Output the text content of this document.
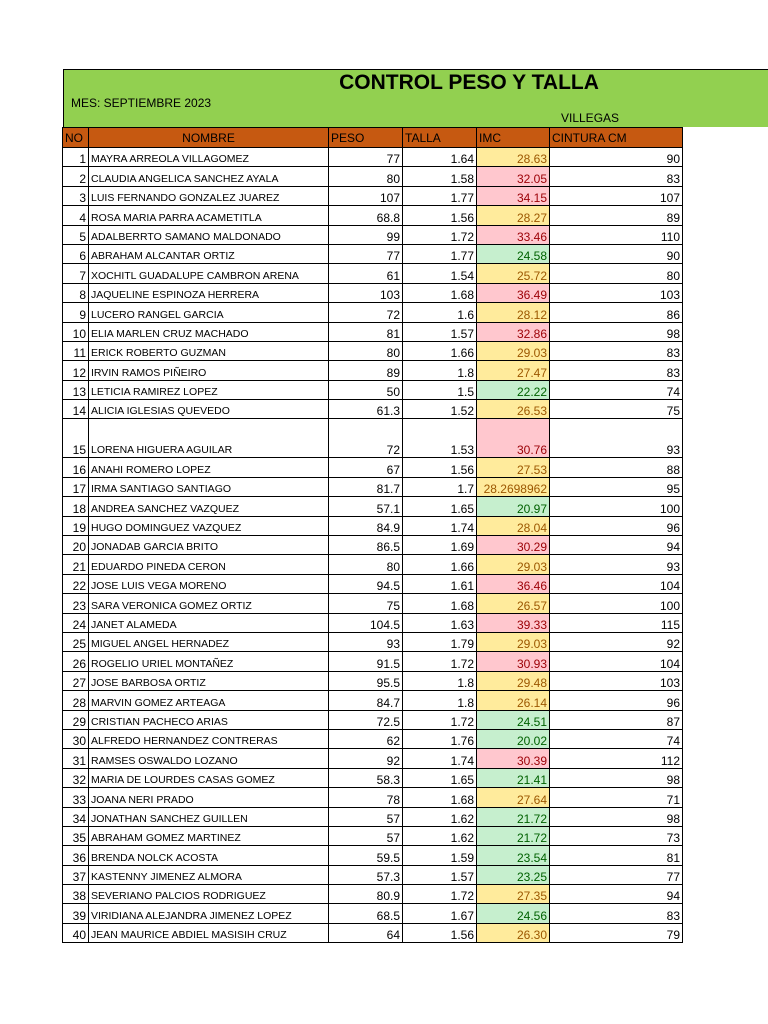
CONTROL PESO Y TALLA
MES: SEPTIEMBRE 2023
VILLEGAS
NO	NOMBRE	PESO	TALLA	IMC	CINTURA CM
1	MAYRA ARREOLA VILLAGOMEZ	77	1.64	28.63	90
2	CLAUDIA ANGELICA SANCHEZ AYALA	80	1.58	32.05	83
3	LUIS FERNANDO GONZALEZ JUAREZ	107	1.77	34.15	107
4	ROSA MARIA PARRA ACAMETITLA	68.8	1.56	28.27	89
5	ADALBERRTO SAMANO MALDONADO	99	1.72	33.46	110
6	ABRAHAM ALCANTAR ORTIZ	77	1.77	24.58	90
7	XOCHITL GUADALUPE CAMBRON ARENA	61	1.54	25.72	80
8	JAQUELINE ESPINOZA HERRERA	103	1.68	36.49	103
9	LUCERO RANGEL GARCIA	72	1.6	28.12	86
10	ELIA MARLEN CRUZ MACHADO	81	1.57	32.86	98
11	ERICK ROBERTO GUZMAN	80	1.66	29.03	83
12	IRVIN RAMOS PIÑEIRO	89	1.8	27.47	83
13	LETICIA RAMIREZ LOPEZ	50	1.5	22.22	74
14	ALICIA IGLESIAS QUEVEDO	61.3	1.52	26.53	75
15	LORENA HIGUERA AGUILAR	72	1.53	30.76	93
16	ANAHI ROMERO LOPEZ	67	1.56	27.53	88
17	IRMA SANTIAGO SANTIAGO	81.7	1.7	28.2698962	95
18	ANDREA SANCHEZ VAZQUEZ	57.1	1.65	20.97	100
19	HUGO DOMINGUEZ VAZQUEZ	84.9	1.74	28.04	96
20	JONADAB GARCIA BRITO	86.5	1.69	30.29	94
21	EDUARDO PINEDA CERON	80	1.66	29.03	93
22	JOSE LUIS VEGA MORENO	94.5	1.61	36.46	104
23	SARA VERONICA GOMEZ ORTIZ	75	1.68	26.57	100
24	JANET ALAMEDA	104.5	1.63	39.33	115
25	MIGUEL ANGEL HERNADEZ	93	1.79	29.03	92
26	ROGELIO URIEL MONTAÑEZ	91.5	1.72	30.93	104
27	JOSE BARBOSA ORTIZ	95.5	1.8	29.48	103
28	MARVIN GOMEZ ARTEAGA	84.7	1.8	26.14	96
29	CRISTIAN PACHECO ARIAS	72.5	1.72	24.51	87
30	ALFREDO HERNANDEZ CONTRERAS	62	1.76	20.02	74
31	RAMSES OSWALDO LOZANO	92	1.74	30.39	112
32	MARIA DE LOURDES CASAS GOMEZ	58.3	1.65	21.41	98
33	JOANA NERI PRADO	78	1.68	27.64	71
34	JONATHAN SANCHEZ GUILLEN	57	1.62	21.72	98
35	ABRAHAM GOMEZ MARTINEZ	57	1.62	21.72	73
36	BRENDA NOLCK ACOSTA	59.5	1.59	23.54	81
37	KASTENNY JIMENEZ ALMORA	57.3	1.57	23.25	77
38	SEVERIANO PALCIOS RODRIGUEZ	80.9	1.72	27.35	94
39	VIRIDIANA ALEJANDRA JIMENEZ LOPEZ	68.5	1.67	24.56	83
40	JEAN MAURICE ABDIEL MASISIH CRUZ	64	1.56	26.30	79
